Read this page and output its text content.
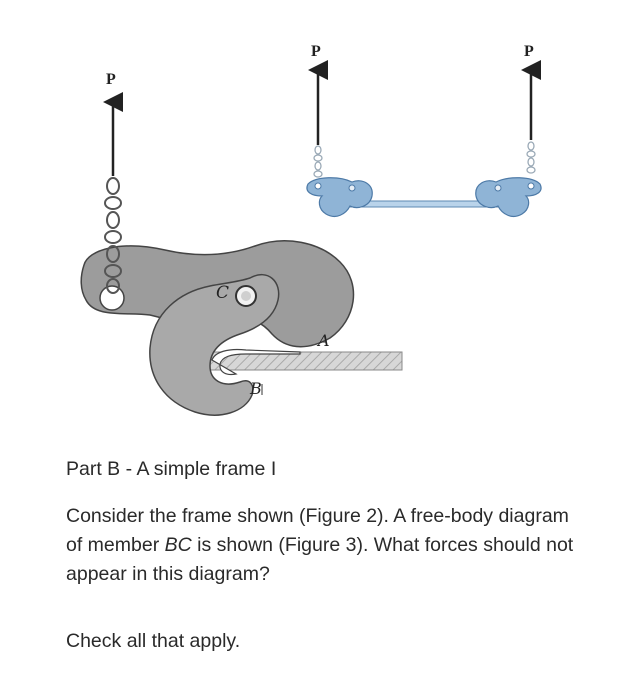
P
C
A
B
P	P
Part B - A simple frame I
Consider the frame shown (Figure 2). A free-body diagram of member BC is shown (Figure 3). What forces should not appear in this diagram?
Check all that apply.
